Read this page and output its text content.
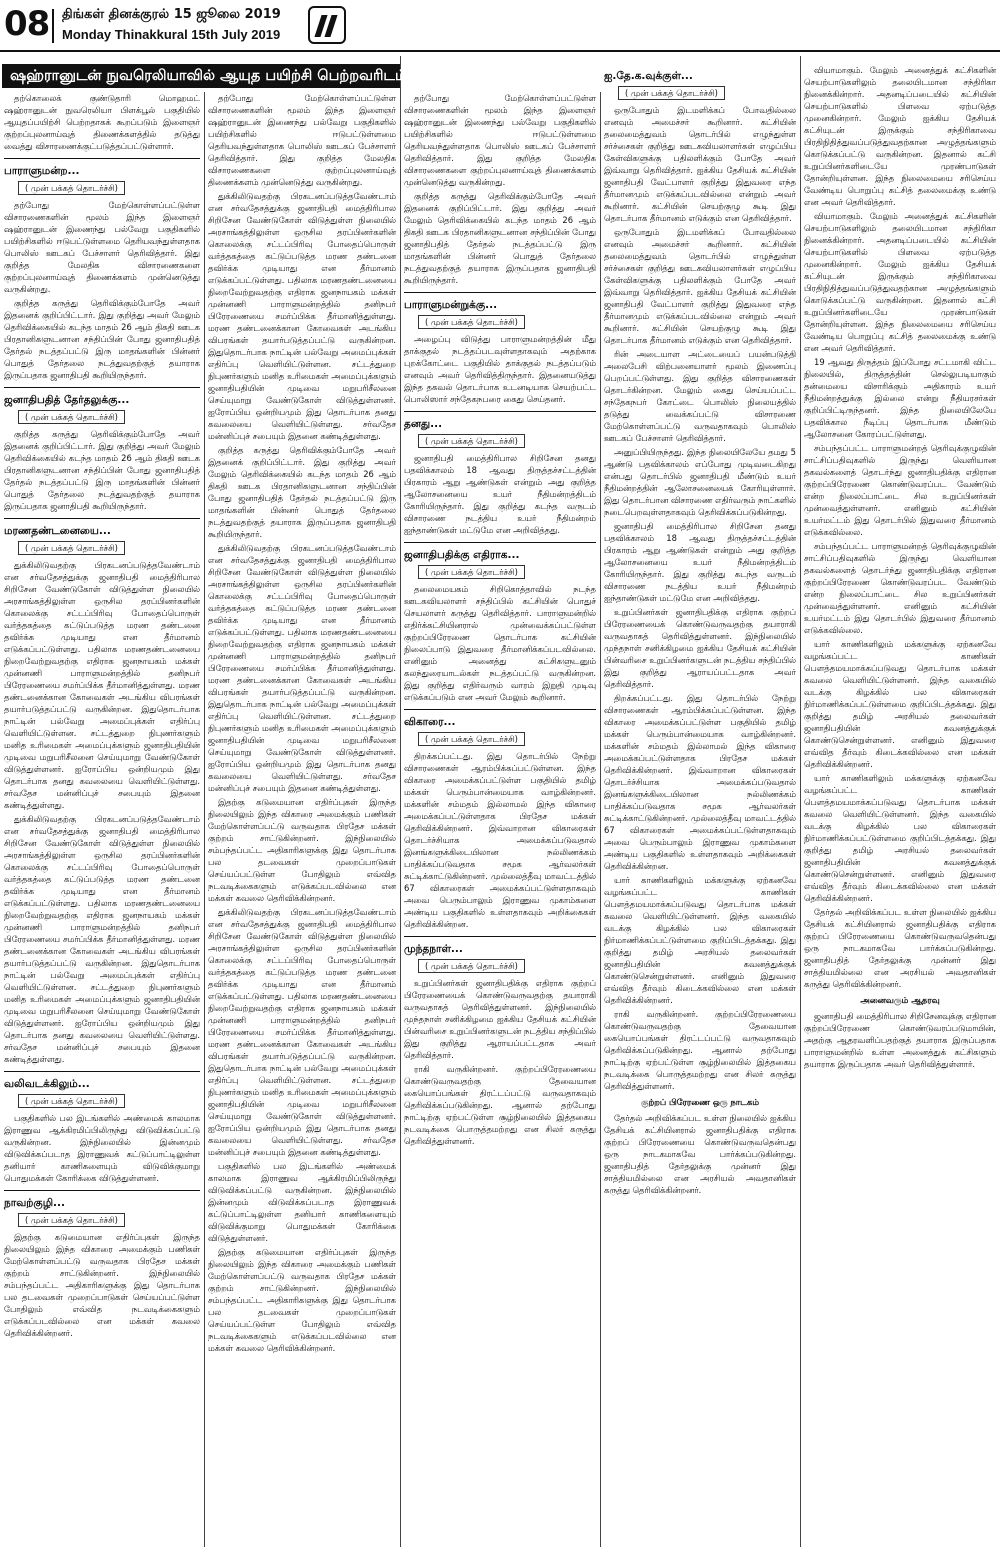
08 திங்கள் தினக்குரல் 15 ஜூலை 2019
Monday Thinakkural 15th July 2019
ஷஹ்ரானுடன் நுவரெலியாவில் ஆயுத பயிற்சி பெற்றவரிடம் தீவிர விசாரணை

தற்கொலைக் குண்டுதாரி மொஹமட் ஷஹ்ரானுடன் நுவரெலியா பிளக்பூல் பகுதியில் ஆயுதப்பயிற்சி பெற்றதாகக் கூறப்படும் இளைஞர் குற்றப்புலனாய்வுத் திணைக்களத்தில் தடுத்து வைத்து விசாரணைக்குட்படுத்தப்பட்டுள்ளார்.

பாராளுமன்ற...
( முன் பக்கத் தொடர்ச்சி)

தற்போது மேற்கொள்ளப்பட்டுள்ள விசாரணைகளின் மூலம் இந்த இளைஞர் ஷஹ்ரானுடன் இணைந்து பல்வேறு பகுதிகளில் பயிற்சிகளில் ஈடுபட்டுள்ளமை தெரியவந்துள்ளதாக பொலிஸ் ஊடகப் பேச்சாளர் தெரிவித்தார். இது குறித்த மேலதிக விசாரணைகளை குற்றப்புலனாய்வுத் திணைக்களம் முன்னெடுத்து வருகின்றது.

குறித்த கருத்து தெரிவிக்கும்போதே அவர் இதனைக் குறிப்பிட்டார். இது குறித்து அவர் மேலும் தெரிவிக்கையில் கடந்த மாதம் 26 ஆம் திகதி ஊடக பிரதானிகளுடனான சந்திப்பின் போது ஜனாதிபதித் தேர்தல் நடத்தப்பட்டு இரு மாதங்களின் பின்னர் பொதுத் தேர்தலை நடத்துவதற்குத் தயாராக இருப்பதாக ஜனாதிபதி கூறியிருந்தார்.

ஜனாதிபதித் தேர்தலுக்கு...
( முன் பக்கத் தொடர்ச்சி)

குறித்த கருத்து தெரிவிக்கும்போதே அவர் இதனைக் குறிப்பிட்டார். இது குறித்து அவர் மேலும் தெரிவிக்கையில் கடந்த மாதம் 26 ஆம் திகதி ஊடக பிரதானிகளுடனான சந்திப்பின் போது ஜனாதிபதித் தேர்தல் நடத்தப்பட்டு இரு மாதங்களின் பின்னர் பொதுத் தேர்தலை நடத்துவதற்குத் தயாராக இருப்பதாக ஜனாதிபதி கூறியிருந்தார்.

மரணதண்டனையை...
( முன் பக்கத் தொடர்ச்சி)

துக்கிலிடுவதற்கு பிரகடனப்படுத்தவேண்டாம் என சர்வதேசத்துக்கு ஜனாதிபதி மைத்திரிபால சிறிசேன வேண்டுகோள் விடுத்துள்ள நிலையில் அரசாங்கத்திலுள்ள ஒருசில தரப்பினர்களின் கொலைக்கு சட்டப்பிரிவு போதைப்பொருள் வர்த்தகத்தை கட்டுப்படுத்த மரண தண்டனை தவிர்க்க முடியாது என தீர்மானம் எடுக்கப்பட்டுள்ளது. பதிலாக மரணதண்டனையை நிறைவேற்றுவதற்கு எதிராக ஜனநாயகம் மக்கள் முன்னணி பாராளுமன்றத்தில் தனிநபர் பிரேரணையை சமர்ப்பிக்க தீர்மானித்துள்ளது. மரண தண்டனைக்கான கோவைகள் அடங்கிய விபரங்கள் தயார்படுத்தப்பட்டு வருகின்றன. இதுதொடர்பாக நாட்டின் பல்வேறு அமைப்புக்கள் எதிர்ப்பு வெளியிட்டுள்ளன. சட்டத்துறை நிபுணர்களும் மனித உரிமைகள் அமைப்புக்களும் ஜனாதிபதியின் முடிவை மறுபரிசீலனை செய்யுமாறு வேண்டுகோள் விடுத்துள்ளனர். ஐரோப்பிய ஒன்றியமும் இது தொடர்பாக தனது கவலையை வெளியிட்டுள்ளது. சர்வதேச மன்னிப்புச் சபையும் இதனை கண்டித்துள்ளது.

துக்கிலிடுவதற்கு பிரகடனப்படுத்தவேண்டாம் என சர்வதேசத்துக்கு ஜனாதிபதி மைத்திரிபால சிறிசேன வேண்டுகோள் விடுத்துள்ள நிலையில் அரசாங்கத்திலுள்ள ஒருசில தரப்பினர்களின் கொலைக்கு சட்டப்பிரிவு போதைப்பொருள் வர்த்தகத்தை கட்டுப்படுத்த மரண தண்டனை தவிர்க்க முடியாது என தீர்மானம் எடுக்கப்பட்டுள்ளது. பதிலாக மரணதண்டனையை நிறைவேற்றுவதற்கு எதிராக ஜனநாயகம் மக்கள் முன்னணி பாராளுமன்றத்தில் தனிநபர் பிரேரணையை சமர்ப்பிக்க தீர்மானித்துள்ளது. மரண தண்டனைக்கான கோவைகள் அடங்கிய விபரங்கள் தயார்படுத்தப்பட்டு வருகின்றன. இதுதொடர்பாக நாட்டின் பல்வேறு அமைப்புக்கள் எதிர்ப்பு வெளியிட்டுள்ளன. சட்டத்துறை நிபுணர்களும் மனித உரிமைகள் அமைப்புக்களும் ஜனாதிபதியின் முடிவை மறுபரிசீலனை செய்யுமாறு வேண்டுகோள் விடுத்துள்ளனர். ஐரோப்பிய ஒன்றியமும் இது தொடர்பாக தனது கவலையை வெளியிட்டுள்ளது. சர்வதேச மன்னிப்புச் சபையும் இதனை கண்டித்துள்ளது.

வலிவடக்கிலும்...
( முன் பக்கத் தொடர்ச்சி)

பகுதிகளில் பல இடங்களில் அண்மைக் காலமாக இராணுவ ஆக்கிரமிப்பிலிருந்து விடுவிக்கப்பட்டு வருகின்றன. இந்நிலையில் இன்னமும் விடுவிக்கப்படாத இராணுவக் கட்டுப்பாட்டிலுள்ள தனியார் காணிகளையும் விடுவிக்குமாறு பொதுமக்கள் கோரிக்கை விடுத்துள்ளனர்.

நாவற்குழி...
( முன் பக்கத் தொடர்ச்சி)

இதற்கு கடுமையான எதிர்ப்புகள் இருந்த நிலையிலும் இந்த விகாரை அமைக்கும் பணிகள் மேற்கொள்ளப்பட்டு வருவதாக பிரதேச மக்கள் குற்றம் சாட்டுகின்றனர். இந்நிலையில் சம்பந்தப்பட்ட அதிகாரிகளுக்கு இது தொடர்பாக பல தடவைகள் முறைப்பாடுகள் செய்யப்பட்டுள்ள போதிலும் எவ்வித நடவடிக்கைகளும் எடுக்கப்படவில்லை என மக்கள் கவலை தெரிவிக்கின்றனர்.

தற்போது மேற்கொள்ளப்பட்டுள்ள விசாரணைகளின் மூலம் இந்த இளைஞர் ஷஹ்ரானுடன் இணைந்து பல்வேறு பகுதிகளில் பயிற்சிகளில் ஈடுபட்டுள்ளமை தெரியவந்துள்ளதாக பொலிஸ் ஊடகப் பேச்சாளர் தெரிவித்தார். இது குறித்த மேலதிக விசாரணைகளை குற்றப்புலனாய்வுத் திணைக்களம் முன்னெடுத்து வருகின்றது.

துக்கிலிடுவதற்கு பிரகடனப்படுத்தவேண்டாம் என சர்வதேசத்துக்கு ஜனாதிபதி மைத்திரிபால சிறிசேன வேண்டுகோள் விடுத்துள்ள நிலையில் அரசாங்கத்திலுள்ள ஒருசில தரப்பினர்களின் கொலைக்கு சட்டப்பிரிவு போதைப்பொருள் வர்த்தகத்தை கட்டுப்படுத்த மரண தண்டனை தவிர்க்க முடியாது என தீர்மானம் எடுக்கப்பட்டுள்ளது. பதிலாக மரணதண்டனையை நிறைவேற்றுவதற்கு எதிராக ஜனநாயகம் மக்கள் முன்னணி பாராளுமன்றத்தில் தனிநபர் பிரேரணையை சமர்ப்பிக்க தீர்மானித்துள்ளது. மரண தண்டனைக்கான கோவைகள் அடங்கிய விபரங்கள் தயார்படுத்தப்பட்டு வருகின்றன. இதுதொடர்பாக நாட்டின் பல்வேறு அமைப்புக்கள் எதிர்ப்பு வெளியிட்டுள்ளன. சட்டத்துறை நிபுணர்களும் மனித உரிமைகள் அமைப்புக்களும் ஜனாதிபதியின் முடிவை மறுபரிசீலனை செய்யுமாறு வேண்டுகோள் விடுத்துள்ளனர். ஐரோப்பிய ஒன்றியமும் இது தொடர்பாக தனது கவலையை வெளியிட்டுள்ளது. சர்வதேச மன்னிப்புச் சபையும் இதனை கண்டித்துள்ளது.

குறித்த கருத்து தெரிவிக்கும்போதே அவர் இதனைக் குறிப்பிட்டார். இது குறித்து அவர் மேலும் தெரிவிக்கையில் கடந்த மாதம் 26 ஆம் திகதி ஊடக பிரதானிகளுடனான சந்திப்பின் போது ஜனாதிபதித் தேர்தல் நடத்தப்பட்டு இரு மாதங்களின் பின்னர் பொதுத் தேர்தலை நடத்துவதற்குத் தயாராக இருப்பதாக ஜனாதிபதி கூறியிருந்தார்.

துக்கிலிடுவதற்கு பிரகடனப்படுத்தவேண்டாம் என சர்வதேசத்துக்கு ஜனாதிபதி மைத்திரிபால சிறிசேன வேண்டுகோள் விடுத்துள்ள நிலையில் அரசாங்கத்திலுள்ள ஒருசில தரப்பினர்களின் கொலைக்கு சட்டப்பிரிவு போதைப்பொருள் வர்த்தகத்தை கட்டுப்படுத்த மரண தண்டனை தவிர்க்க முடியாது என தீர்மானம் எடுக்கப்பட்டுள்ளது. பதிலாக மரணதண்டனையை நிறைவேற்றுவதற்கு எதிராக ஜனநாயகம் மக்கள் முன்னணி பாராளுமன்றத்தில் தனிநபர் பிரேரணையை சமர்ப்பிக்க தீர்மானித்துள்ளது. மரண தண்டனைக்கான கோவைகள் அடங்கிய விபரங்கள் தயார்படுத்தப்பட்டு வருகின்றன. இதுதொடர்பாக நாட்டின் பல்வேறு அமைப்புக்கள் எதிர்ப்பு வெளியிட்டுள்ளன. சட்டத்துறை நிபுணர்களும் மனித உரிமைகள் அமைப்புக்களும் ஜனாதிபதியின் முடிவை மறுபரிசீலனை செய்யுமாறு வேண்டுகோள் விடுத்துள்ளனர். ஐரோப்பிய ஒன்றியமும் இது தொடர்பாக தனது கவலையை வெளியிட்டுள்ளது. சர்வதேச மன்னிப்புச் சபையும் இதனை கண்டித்துள்ளது.

இதற்கு கடுமையான எதிர்ப்புகள் இருந்த நிலையிலும் இந்த விகாரை அமைக்கும் பணிகள் மேற்கொள்ளப்பட்டு வருவதாக பிரதேச மக்கள் குற்றம் சாட்டுகின்றனர். இந்நிலையில் சம்பந்தப்பட்ட அதிகாரிகளுக்கு இது தொடர்பாக பல தடவைகள் முறைப்பாடுகள் செய்யப்பட்டுள்ள போதிலும் எவ்வித நடவடிக்கைகளும் எடுக்கப்படவில்லை என மக்கள் கவலை தெரிவிக்கின்றனர்.

துக்கிலிடுவதற்கு பிரகடனப்படுத்தவேண்டாம் என சர்வதேசத்துக்கு ஜனாதிபதி மைத்திரிபால சிறிசேன வேண்டுகோள் விடுத்துள்ள நிலையில் அரசாங்கத்திலுள்ள ஒருசில தரப்பினர்களின் கொலைக்கு சட்டப்பிரிவு போதைப்பொருள் வர்த்தகத்தை கட்டுப்படுத்த மரண தண்டனை தவிர்க்க முடியாது என தீர்மானம் எடுக்கப்பட்டுள்ளது. பதிலாக மரணதண்டனையை நிறைவேற்றுவதற்கு எதிராக ஜனநாயகம் மக்கள் முன்னணி பாராளுமன்றத்தில் தனிநபர் பிரேரணையை சமர்ப்பிக்க தீர்மானித்துள்ளது. மரண தண்டனைக்கான கோவைகள் அடங்கிய விபரங்கள் தயார்படுத்தப்பட்டு வருகின்றன. இதுதொடர்பாக நாட்டின் பல்வேறு அமைப்புக்கள் எதிர்ப்பு வெளியிட்டுள்ளன. சட்டத்துறை நிபுணர்களும் மனித உரிமைகள் அமைப்புக்களும் ஜனாதிபதியின் முடிவை மறுபரிசீலனை செய்யுமாறு வேண்டுகோள் விடுத்துள்ளனர். ஐரோப்பிய ஒன்றியமும் இது தொடர்பாக தனது கவலையை வெளியிட்டுள்ளது. சர்வதேச மன்னிப்புச் சபையும் இதனை கண்டித்துள்ளது.

பகுதிகளில் பல இடங்களில் அண்மைக் காலமாக இராணுவ ஆக்கிரமிப்பிலிருந்து விடுவிக்கப்பட்டு வருகின்றன. இந்நிலையில் இன்னமும் விடுவிக்கப்படாத இராணுவக் கட்டுப்பாட்டிலுள்ள தனியார் காணிகளையும் விடுவிக்குமாறு பொதுமக்கள் கோரிக்கை விடுத்துள்ளனர்.

இதற்கு கடுமையான எதிர்ப்புகள் இருந்த நிலையிலும் இந்த விகாரை அமைக்கும் பணிகள் மேற்கொள்ளப்பட்டு வருவதாக பிரதேச மக்கள் குற்றம் சாட்டுகின்றனர். இந்நிலையில் சம்பந்தப்பட்ட அதிகாரிகளுக்கு இது தொடர்பாக பல தடவைகள் முறைப்பாடுகள் செய்யப்பட்டுள்ள போதிலும் எவ்வித நடவடிக்கைகளும் எடுக்கப்படவில்லை என மக்கள் கவலை தெரிவிக்கின்றனர்.

தற்போது மேற்கொள்ளப்பட்டுள்ள விசாரணைகளின் மூலம் இந்த இளைஞர் ஷஹ்ரானுடன் இணைந்து பல்வேறு பகுதிகளில் பயிற்சிகளில் ஈடுபட்டுள்ளமை தெரியவந்துள்ளதாக பொலிஸ் ஊடகப் பேச்சாளர் தெரிவித்தார். இது குறித்த மேலதிக விசாரணைகளை குற்றப்புலனாய்வுத் திணைக்களம் முன்னெடுத்து வருகின்றது.

குறித்த கருத்து தெரிவிக்கும்போதே அவர் இதனைக் குறிப்பிட்டார். இது குறித்து அவர் மேலும் தெரிவிக்கையில் கடந்த மாதம் 26 ஆம் திகதி ஊடக பிரதானிகளுடனான சந்திப்பின் போது ஜனாதிபதித் தேர்தல் நடத்தப்பட்டு இரு மாதங்களின் பின்னர் பொதுத் தேர்தலை நடத்துவதற்குத் தயாராக இருப்பதாக ஜனாதிபதி கூறியிருந்தார்.

பாராளுமன்றுக்கு...
( முன் பக்கத் தொடர்ச்சி)

அழைப்பு விடுத்து பாராளுமன்றத்தின் மீது தாக்குதல் நடத்தப்படவுள்ளதாகவும் அதற்காக புறக்கோட்டை பகுதியில் தாக்குதல் நடத்தப்படும் எனவும் அவர் தெரிவித்திருந்தார். இதனையடுத்து இந்த தகவல் தொடர்பாக உடனடியாக செயற்பட்ட பொலிஸார் சந்தேகநபரை கைது செய்தனர்.

தனது...
( முன் பக்கத் தொடர்ச்சி)

ஜனாதிபதி மைத்திரிபால சிறிசேன தனது பதவிக்காலம் 18 ஆவது திருத்தச்சட்டத்தின் பிரகாரம் ஆறு ஆண்டுகள் என்றும் அது குறித்த ஆலோசனையை உயர் நீதிமன்றத்திடம் கோரியிருந்தார். இது குறித்து கடந்த வருடம் விசாரணை நடத்திய உயர் நீதிமன்றம் ஐந்தாண்டுகள் மட்டுமே என அறிவித்தது.

ஜனாதிபதிக்கு எதிராக...
( முன் பக்கத் தொடர்ச்சி)

தலைமையகம் சிறிகொத்தாவில் நடந்த ஊடகவியலாளர் சந்திப்பில் கட்சியின் பொதுச் செயலாளர் கருத்து தெரிவித்தார். பாராளுமன்றில் எதிர்க்கட்சியினரால் முன்வைக்கப்பட்டுள்ள குற்றப்பிரேரணை தொடர்பாக கட்சியின் நிலைப்பாடு இதுவரை தீர்மானிக்கப்படவில்லை. எனினும் அனைத்து கட்சிகளுடனும் கலந்துரையாடல்கள் நடத்தப்பட்டு வருகின்றன. இது குறித்து எதிர்வரும் வாரம் இறுதி முடிவு எடுக்கப்படும் என அவர் மேலும் கூறினார்.

விகாரை...
( முன் பக்கத் தொடர்ச்சி)

திறக்கப்பட்டது. இது தொடர்பில் நேற்று விசாரணைகள் ஆரம்பிக்கப்பட்டுள்ளன. இந்த விகாரை அமைக்கப்பட்டுள்ள பகுதியில் தமிழ் மக்கள் பெரும்பான்மையாக வாழ்கின்றனர். மக்களின் சம்மதம் இல்லாமல் இந்த விகாரை அமைக்கப்பட்டுள்ளதாக பிரதேச மக்கள் தெரிவிக்கின்றனர். இவ்வாறான விகாரைகள் தொடர்ச்சியாக அமைக்கப்படுவதால் இனங்களுக்கிடையிலான நல்லிணக்கம் பாதிக்கப்படுவதாக சமூக ஆர்வலர்கள் சுட்டிக்காட்டுகின்றனர். முல்லைத்தீவு மாவட்டத்தில் 67 விகாரைகள் அமைக்கப்பட்டுள்ளதாகவும் அவை பெரும்பாலும் இராணுவ முகாம்களை அண்டிய பகுதிகளில் உள்ளதாகவும் அறிக்கைகள் தெரிவிக்கின்றன.

முந்தநாள்...
( முன் பக்கத் தொடர்ச்சி)

உறுப்பினர்கள் ஜனாதிபதிக்கு எதிராக குற்றப் பிரேரணையைக் கொண்டுவருவதற்கு தயாராகி வருவதாகத் தெரிவித்துள்ளனர். இந்நிலையில் முந்தநாள் சனிக்கிழமை ஐக்கிய தேசியக் கட்சியின் பின்வரிசை உறுப்பினர்களுடன் நடத்திய சந்திப்பில் இது குறித்து ஆராயப்பட்டதாக அவர் தெரிவித்தார்.

ராகி வருகின்றனர். குற்றப்பிரேரணையை கொண்டுவருவதற்கு தேவையான கையொப்பங்கள் திரட்டப்பட்டு வருவதாகவும் தெரிவிக்கப்படுகின்றது. ஆனால் தற்போது நாட்டிற்கு ஏற்பட்டுள்ள சூழ்நிலையில் இத்தகைய நடவடிக்கை பொருத்தமற்றது என சிலர் கருத்து தெரிவித்துள்ளனர்.

ஐ.தே.க.வுக்குள்...
( முன் பக்கத் தொடர்ச்சி)

ஒருபோதும் இடமளிக்கப் போவதில்லை எனவும் அமைச்சர் கூறினார். கட்சியின் தலைமைத்துவம் தொடர்பில் எழுந்துள்ள சர்ச்சைகள் குறித்து ஊடகவியலாளர்கள் எழுப்பிய கேள்விகளுக்கு பதிலளிக்கும் போதே அவர் இவ்வாறு தெரிவித்தார். ஐக்கிய தேசியக் கட்சியின் ஜனாதிபதி வேட்பாளர் குறித்து இதுவரை எந்த தீர்மானமும் எடுக்கப்படவில்லை என்றும் அவர் கூறினார். கட்சியின் செயற்குழு கூடி இது தொடர்பாக தீர்மானம் எடுக்கும் என தெரிவித்தார்.

ஒருபோதும் இடமளிக்கப் போவதில்லை எனவும் அமைச்சர் கூறினார். கட்சியின் தலைமைத்துவம் தொடர்பில் எழுந்துள்ள சர்ச்சைகள் குறித்து ஊடகவியலாளர்கள் எழுப்பிய கேள்விகளுக்கு பதிலளிக்கும் போதே அவர் இவ்வாறு தெரிவித்தார். ஐக்கிய தேசியக் கட்சியின் ஜனாதிபதி வேட்பாளர் குறித்து இதுவரை எந்த தீர்மானமும் எடுக்கப்படவில்லை என்றும் அவர் கூறினார். கட்சியின் செயற்குழு கூடி இது தொடர்பாக தீர்மானம் எடுக்கும் என தெரிவித்தார்.

ரின் அடையாள அட்டையைப் பயன்படுத்தி அலைபேசி விற்பனையாளர் மூலம் இணைப்பு பெறப்பட்டுள்ளது. இது குறித்த விசாரணைகள் தொடர்கின்றன. மேலும் கைது செய்யப்பட்ட சந்தேகநபர் கோட்டை பொலிஸ் நிலையத்தில் தடுத்து வைக்கப்பட்டு விசாரணை மேற்கொள்ளப்பட்டு வருவதாகவும் பொலிஸ் ஊடகப் பேச்சாளர் தெரிவித்தார்.

அனுப்பியிருந்தது. இந்த நிலையிலேயே தமது 5 ஆண்டு பதவிக்காலம் எப்போது முடிவடைகிறது என்பது தொடர்பில் ஜனாதிபதி மீண்டும் உயர் நீதிமன்றத்தின் ஆலோசனையைக் கோரியுள்ளார். இது தொடர்பான விசாரணை எதிர்வரும் நாட்களில் நடைபெறவுள்ளதாகவும் தெரிவிக்கப்படுகின்றது.

ஜனாதிபதி மைத்திரிபால சிறிசேன தனது பதவிக்காலம் 18 ஆவது திருத்தச்சட்டத்தின் பிரகாரம் ஆறு ஆண்டுகள் என்றும் அது குறித்த ஆலோசனையை உயர் நீதிமன்றத்திடம் கோரியிருந்தார். இது குறித்து கடந்த வருடம் விசாரணை நடத்திய உயர் நீதிமன்றம் ஐந்தாண்டுகள் மட்டுமே என அறிவித்தது.

உறுப்பினர்கள் ஜனாதிபதிக்கு எதிராக குற்றப் பிரேரணையைக் கொண்டுவருவதற்கு தயாராகி வருவதாகத் தெரிவித்துள்ளனர். இந்நிலையில் முந்தநாள் சனிக்கிழமை ஐக்கிய தேசியக் கட்சியின் பின்வரிசை உறுப்பினர்களுடன் நடத்திய சந்திப்பில் இது குறித்து ஆராயப்பட்டதாக அவர் தெரிவித்தார்.

திறக்கப்பட்டது. இது தொடர்பில் நேற்று விசாரணைகள் ஆரம்பிக்கப்பட்டுள்ளன. இந்த விகாரை அமைக்கப்பட்டுள்ள பகுதியில் தமிழ் மக்கள் பெரும்பான்மையாக வாழ்கின்றனர். மக்களின் சம்மதம் இல்லாமல் இந்த விகாரை அமைக்கப்பட்டுள்ளதாக பிரதேச மக்கள் தெரிவிக்கின்றனர். இவ்வாறான விகாரைகள் தொடர்ச்சியாக அமைக்கப்படுவதால் இனங்களுக்கிடையிலான நல்லிணக்கம் பாதிக்கப்படுவதாக சமூக ஆர்வலர்கள் சுட்டிக்காட்டுகின்றனர். முல்லைத்தீவு மாவட்டத்தில் 67 விகாரைகள் அமைக்கப்பட்டுள்ளதாகவும் அவை பெரும்பாலும் இராணுவ முகாம்களை அண்டிய பகுதிகளில் உள்ளதாகவும் அறிக்கைகள் தெரிவிக்கின்றன.

யார் காணிகளிலும் மக்களுக்கு ஏற்கனவே வழங்கப்பட்ட காணிகள் பௌத்தமயமாக்கப்படுவது தொடர்பாக மக்கள் கவலை வெளியிட்டுள்ளனர். இந்த வகையில் வடக்கு கிழக்கில் பல விகாரைகள் நிர்மாணிக்கப்பட்டுள்ளமை குறிப்பிடத்தக்கது. இது குறித்து தமிழ் அரசியல் தலைவர்கள் ஜனாதிபதியின் கவனத்துக்குக் கொண்டுசென்றுள்ளனர். எனினும் இதுவரை எவ்வித தீர்வும் கிடைக்கவில்லை என மக்கள் தெரிவிக்கின்றனர்.

ராகி வருகின்றனர். குற்றப்பிரேரணையை கொண்டுவருவதற்கு தேவையான கையொப்பங்கள் திரட்டப்பட்டு வருவதாகவும் தெரிவிக்கப்படுகின்றது. ஆனால் தற்போது நாட்டிற்கு ஏற்பட்டுள்ள சூழ்நிலையில் இத்தகைய நடவடிக்கை பொருத்தமற்றது என சிலர் கருத்து தெரிவித்துள்ளனர்.

குற்றப் பிரேரணை ஒரு நாடகம்

தேர்தல் அறிவிக்கப்பட உள்ள நிலையில் ஐக்கிய தேசியக் கட்சியினரால் ஜனாதிபதிக்கு எதிராக குற்றப் பிரேரணையை கொண்டுவருவதென்பது ஒரு நாடகமாகவே பார்க்கப்படுகின்றது. ஜனாதிபதித் தேர்தலுக்கு முன்னர் இது சாத்தியமில்லை என அரசியல் அவதானிகள் கருத்து தெரிவிக்கின்றனர்.

வியாமாகும். மேலும் அனைத்துக் கட்சிகளின் செயற்பாடுகளிலும் தலையிடமான சந்திரிகா நினைக்கின்றார். அதனடிப்படையில் கட்சியின் செயற்பாடுகளில் பிளவை ஏற்படுத்த முனைகின்றார். மேலும் ஐக்கிய தேசியக் கட்சியுடன் இருக்கும் சந்திரிகாவை பிரதிநிதித்துவப்படுத்துவதற்கான அழுத்தங்களும் கொடுக்கப்பட்டு வருகின்றன. இதனால் கட்சி உறுப்பினர்களிடையே முரண்பாடுகள் தோன்றியுள்ளன. இந்த நிலைமையை சரிசெய்ய வேண்டிய பொறுப்பு கட்சித் தலைமைக்கு உண்டு என அவர் தெரிவித்தார்.

வியாமாகும். மேலும் அனைத்துக் கட்சிகளின் செயற்பாடுகளிலும் தலையிடமான சந்திரிகா நினைக்கின்றார். அதனடிப்படையில் கட்சியின் செயற்பாடுகளில் பிளவை ஏற்படுத்த முனைகின்றார். மேலும் ஐக்கிய தேசியக் கட்சியுடன் இருக்கும் சந்திரிகாவை பிரதிநிதித்துவப்படுத்துவதற்கான அழுத்தங்களும் கொடுக்கப்பட்டு வருகின்றன. இதனால் கட்சி உறுப்பினர்களிடையே முரண்பாடுகள் தோன்றியுள்ளன. இந்த நிலைமையை சரிசெய்ய வேண்டிய பொறுப்பு கட்சித் தலைமைக்கு உண்டு என அவர் தெரிவித்தார்.

19 ஆவது திருத்தம் இப்போது சட்டமாகி விட்ட நிலையில், திருத்தத்தின் செல்லுபடியாகும் தன்மையை விசாரிக்கும் அதிகாரம் உயர் நீதிமன்றத்துக்கு இல்லை என்று நீதியரசர்கள் குறிப்பிட்டிருந்தனர். இந்த நிலையிலேயே பதவிக்கால நீடிப்பு தொடர்பாக மீண்டும் ஆலோசனை கோரப்பட்டுள்ளது.

சம்பந்தப்பட்ட பாராளுமன்றத் தெரிவுக்குழுவின் சாட்சிப்பதிவுகளில் இருந்து வெளியான தகவல்களைத் தொடர்ந்து ஜனாதிபதிக்கு எதிரான குற்றப்பிரேரணை கொண்டுவரப்பட வேண்டும் என்ற நிலைப்பாட்டை சில உறுப்பினர்கள் முன்வைத்துள்ளனர். எனினும் கட்சியின் உயர்மட்டம் இது தொடர்பில் இதுவரை தீர்மானம் எடுக்கவில்லை.

சம்பந்தப்பட்ட பாராளுமன்றத் தெரிவுக்குழுவின் சாட்சிப்பதிவுகளில் இருந்து வெளியான தகவல்களைத் தொடர்ந்து ஜனாதிபதிக்கு எதிரான குற்றப்பிரேரணை கொண்டுவரப்பட வேண்டும் என்ற நிலைப்பாட்டை சில உறுப்பினர்கள் முன்வைத்துள்ளனர். எனினும் கட்சியின் உயர்மட்டம் இது தொடர்பில் இதுவரை தீர்மானம் எடுக்கவில்லை.

யார் காணிகளிலும் மக்களுக்கு ஏற்கனவே வழங்கப்பட்ட காணிகள் பௌத்தமயமாக்கப்படுவது தொடர்பாக மக்கள் கவலை வெளியிட்டுள்ளனர். இந்த வகையில் வடக்கு கிழக்கில் பல விகாரைகள் நிர்மாணிக்கப்பட்டுள்ளமை குறிப்பிடத்தக்கது. இது குறித்து தமிழ் அரசியல் தலைவர்கள் ஜனாதிபதியின் கவனத்துக்குக் கொண்டுசென்றுள்ளனர். எனினும் இதுவரை எவ்வித தீர்வும் கிடைக்கவில்லை என மக்கள் தெரிவிக்கின்றனர்.

யார் காணிகளிலும் மக்களுக்கு ஏற்கனவே வழங்கப்பட்ட காணிகள் பௌத்தமயமாக்கப்படுவது தொடர்பாக மக்கள் கவலை வெளியிட்டுள்ளனர். இந்த வகையில் வடக்கு கிழக்கில் பல விகாரைகள் நிர்மாணிக்கப்பட்டுள்ளமை குறிப்பிடத்தக்கது. இது குறித்து தமிழ் அரசியல் தலைவர்கள் ஜனாதிபதியின் கவனத்துக்குக் கொண்டுசென்றுள்ளனர். எனினும் இதுவரை எவ்வித தீர்வும் கிடைக்கவில்லை என மக்கள் தெரிவிக்கின்றனர்.

தேர்தல் அறிவிக்கப்பட உள்ள நிலையில் ஐக்கிய தேசியக் கட்சியினரால் ஜனாதிபதிக்கு எதிராக குற்றப் பிரேரணையை கொண்டுவருவதென்பது ஒரு நாடகமாகவே பார்க்கப்படுகின்றது. ஜனாதிபதித் தேர்தலுக்கு முன்னர் இது சாத்தியமில்லை என அரசியல் அவதானிகள் கருத்து தெரிவிக்கின்றனர்.

அனைவரும் ஆதரவு

ஜனாதிபதி மைத்திரிபால சிறிசேனவுக்கு எதிரான குற்றப்பிரேரணை கொண்டுவரப்படுமாயின், அதற்கு ஆதரவளிப்பதற்குத் தயாராக இருப்பதாக பாராளுமன்றில் உள்ள அனைத்துக் கட்சிகளும் தயாராக இருப்பதாக அவர் தெரிவித்துள்ளார்.
